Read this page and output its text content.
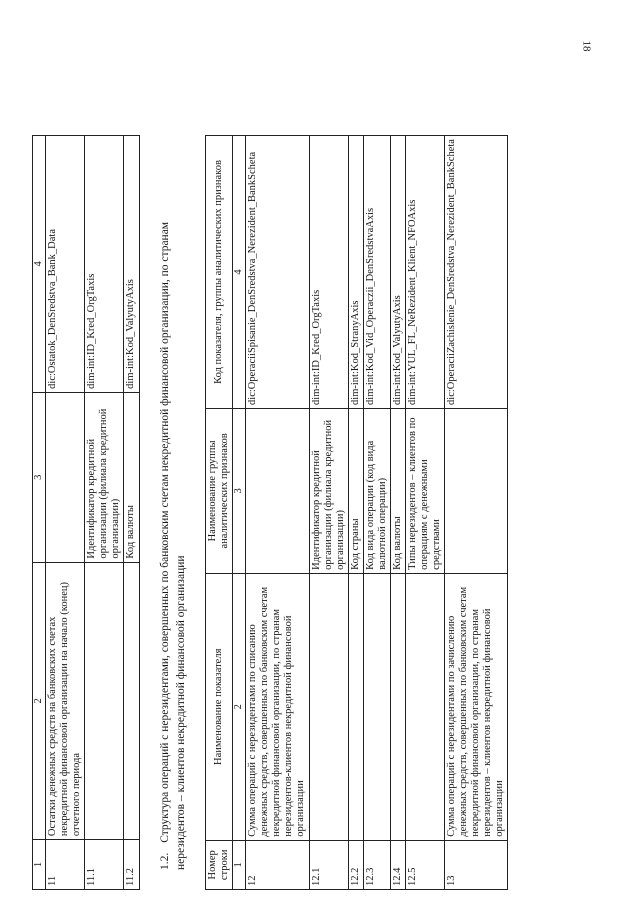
18
1	2	3	4
11	Остатки денежных средств на банковских счетах некредитной финансовой организации на начало (конец) отчетного периода		dic:Ostatok_DenSredstva_Bank_Data
11.1		Идентификатор кредитной организации (филиала кредитной организации)	dim-int:ID_Kred_OrgTaxis
11.2		Код валюты	dim-int:Kod_ValyutyAxis
1.2.Структура операций с нерезидентами, совершенных по банковским счетам некредитной финансовой организации, по странам нерезидентов – клиентов некредитной финансовой организации Номер строки	Наименование показателя	Наименование группы аналитических признаков	Код показателя, группы аналитических признаков
1	2	3	4
12	Сумма операций с нерезидентами по списанию денежных средств, совершенных по банковским счетам некредитной финансовой организации, по странам нерезидентов-клиентов некредитной финансовой организации		dic:OperaciiSpisanie_DenSredstva_Nerezident_BankScheta
12.1		Идентификатор кредитной организации (филиала кредитной организации)	dim-int:ID_Kred_OrgTaxis
12.2		Код страны	dim-int:Kod_StranyAxis
12.3		Код вида операции (код вида валютной операции)	dim-int:Kod_Vid_Operaczii_DenSredstvaAxis
12.4		Код валюты	dim-int:Kod_ValyutyAxis
12.5		Типы нерезидентов – клиентов по операциям с денежными средствами	dim-int:YUL_FL_NeRezident_Klient_NFOAxis
13	Сумма операций с нерезидентами по зачислению денежных средств, совершенных по банковским счетам некредитной финансовой организации, по странам нерезидентов – клиентов некредитной финансовой организации		dic:OperaciiZachislenie_DenSredstva_Nerezident_BankScheta
